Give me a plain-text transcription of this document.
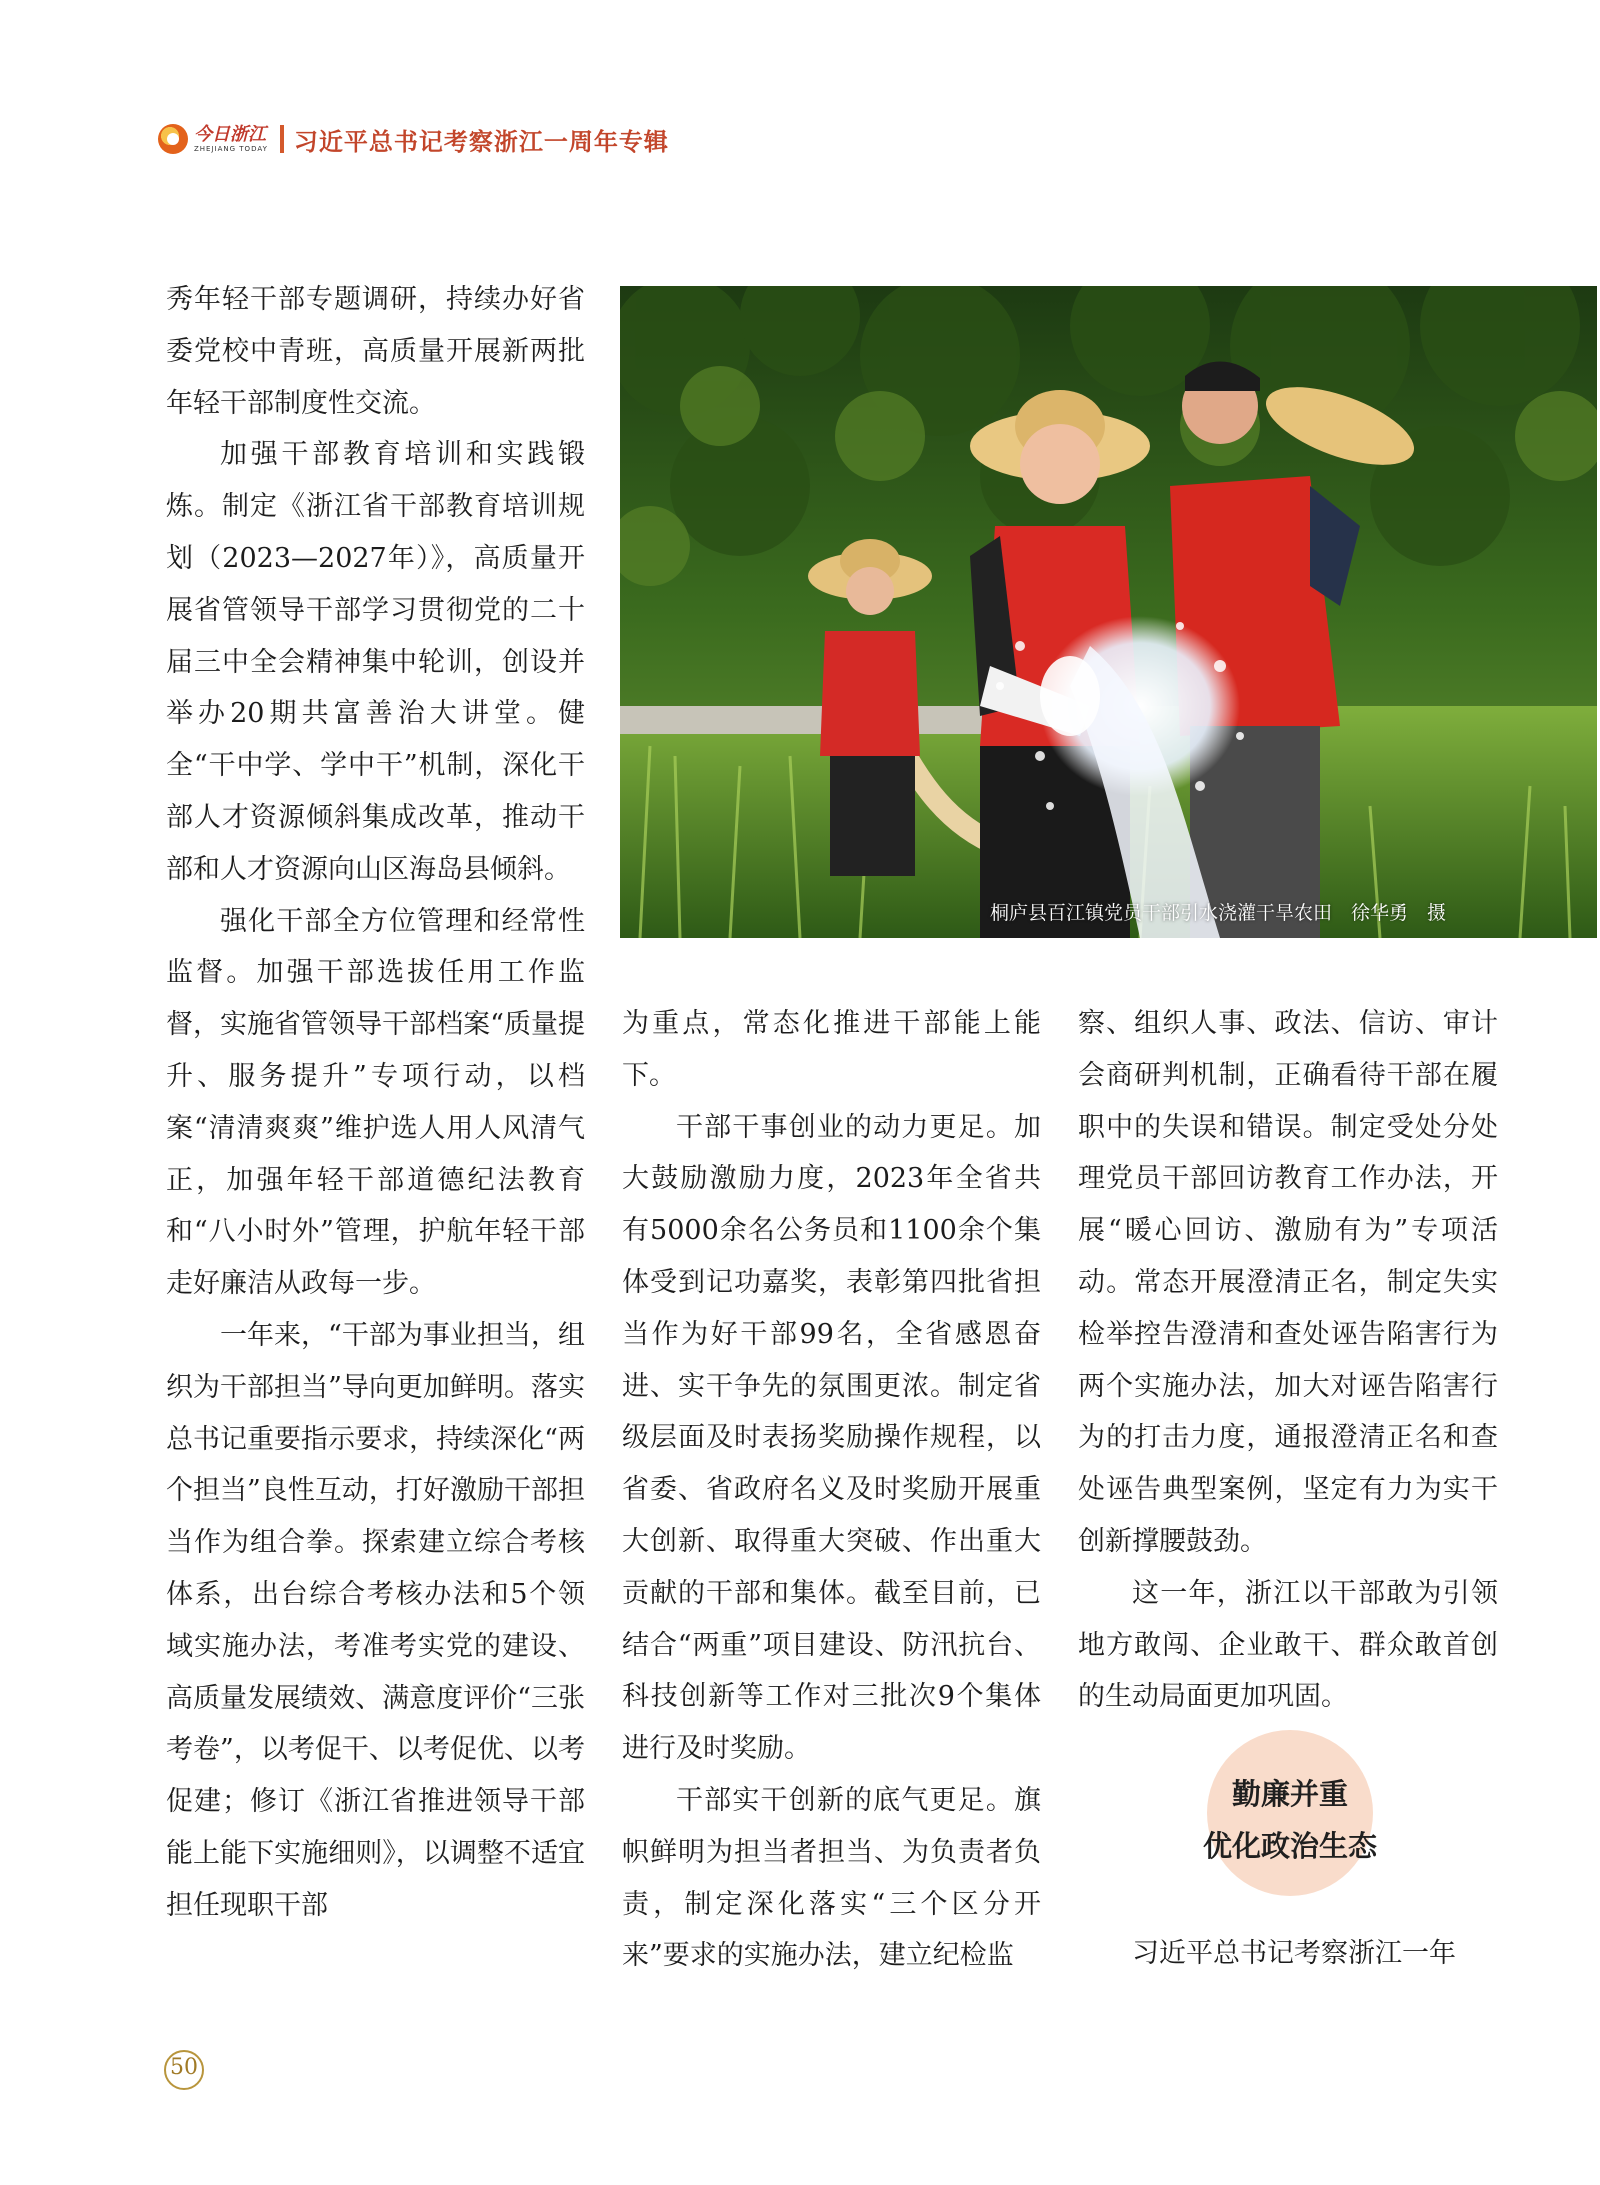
今日浙江
ZHEJIANG TODAY 习近平总书记考察浙江一周年专辑
桐庐县百江镇党员干部引水浇灌干旱农田　徐华勇　摄

秀年轻干部专题调研，持续办好省委党校中青班，高质量开展新两批年轻干部制度性交流。

加强干部教育培训和实践锻炼。制定《浙江省干部教育培训规划（2023—2027年）》，高质量开展省管领导干部学习贯彻党的二十届三中全会精神集中轮训，创设并举办20期共富善治大讲堂。健全“干中学、学中干”机制，深化干部人才资源倾斜集成改革，推动干部和人才资源向山区海岛县倾斜。

强化干部全方位管理和经常性监督。加强干部选拔任用工作监督，实施省管领导干部档案“质量提升、服务提升”专项行动，以档案“清清爽爽”维护选人用人风清气正，加强年轻干部道德纪法教育和“八小时外”管理，护航年轻干部走好廉洁从政每一步。

一年来，“干部为事业担当，组织为干部担当”导向更加鲜明。落实总书记重要指示要求，持续深化“两个担当”良性互动，打好激励干部担当作为组合拳。探索建立综合考核体系，出台综合考核办法和5个领域实施办法，考准考实党的建设、高质量发展绩效、满意度评价“三张考卷”，以考促干、以考促优、以考促建；修订《浙江省推进领导干部能上能下实施细则》，以调整不适宜担任现职干部

为重点，常态化推进干部能上能下。

干部干事创业的动力更足。加大鼓励激励力度，2023年全省共有5000余名公务员和1100余个集体受到记功嘉奖，表彰第四批省担当作为好干部99名，全省感恩奋进、实干争先的氛围更浓。制定省级层面及时表扬奖励操作规程，以省委、省政府名义及时奖励开展重大创新、取得重大突破、作出重大贡献的干部和集体。截至目前，已结合“两重”项目建设、防汛抗台、科技创新等工作对三批次9个集体进行及时奖励。

干部实干创新的底气更足。旗帜鲜明为担当者担当、为负责者负责，制定深化落实“三个区分开来”要求的实施办法，建立纪检监

察、组织人事、政法、信访、审计会商研判机制，正确看待干部在履职中的失误和错误。制定受处分处理党员干部回访教育工作办法，开展“暖心回访、激励有为”专项活动。常态开展澄清正名，制定失实检举控告澄清和查处诬告陷害行为两个实施办法，加大对诬告陷害行为的打击力度，通报澄清正名和查处诬告典型案例，坚定有力为实干创新撑腰鼓劲。

这一年，浙江以干部敢为引领地方敢闯、企业敢干、群众敢首创的生动局面更加巩固。

勤廉并重
优化政治生态

习近平总书记考察浙江一年

50
